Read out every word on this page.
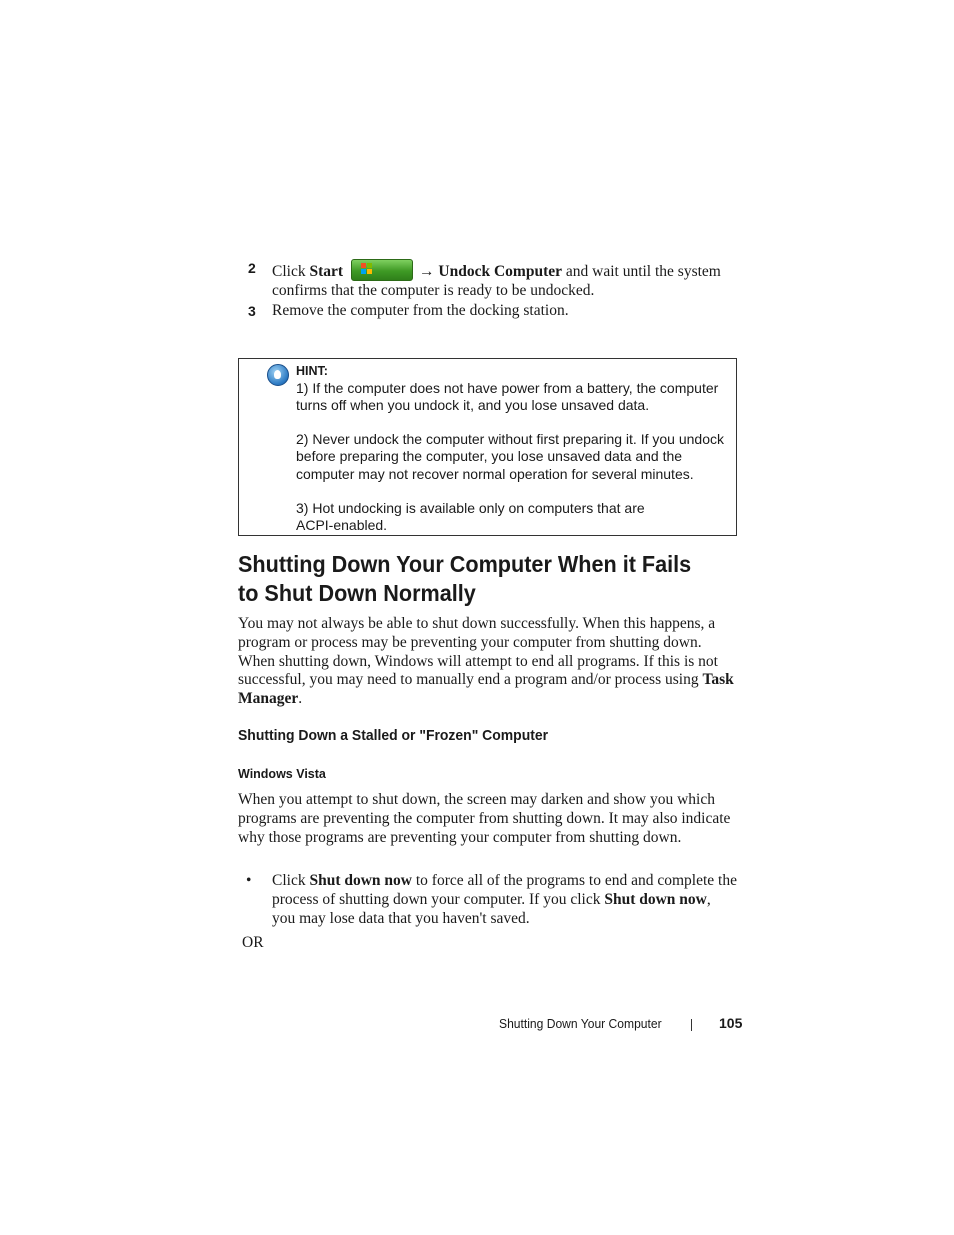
2 Click Start	→ Undock Computer and wait until the system confirms that the computer is ready to be undocked.
3 Remove the computer from the docking station.
HINT:
1) If the computer does not have power from a battery, the computer turns off when you undock it, and you lose unsaved data.
2) Never undock the computer without first preparing it. If you undock before preparing the computer, you lose unsaved data and the computer may not recover normal operation for several minutes.
3) Hot undocking is available only on computers that are ACPI-enabled.
Shutting Down Your Computer When it Fails to Shut Down Normally
You may not always be able to shut down successfully. When this happens, a program or process may be preventing your computer from shutting down. When shutting down, Windows will attempt to end all programs. If this is not successful, you may need to manually end a program and/or process using Task Manager.
Shutting Down a Stalled or "Frozen" Computer
Windows Vista
When you attempt to shut down, the screen may darken and show you which programs are preventing the computer from shutting down. It may also indicate why those programs are preventing your computer from shutting down.
• Click Shut down now to force all of the programs to end and complete the process of shutting down your computer. If you click Shut down now, you may lose data that you haven't saved.
OR
Shutting Down Your Computer	105
